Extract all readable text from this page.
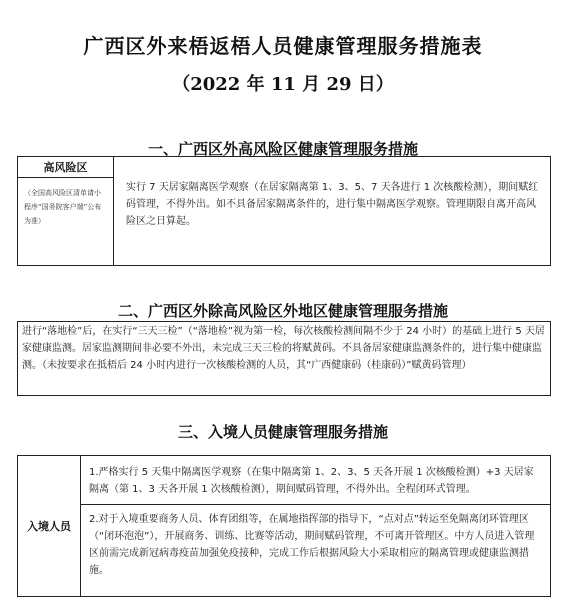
广西区外来梧返梧人员健康管理服务措施表
（2022 年 11 月 29 日）
一、广西区外高风险区健康管理服务措施
高风险区
（全国高风险区清单请小程序“国务院客户端”公布为准）
	实行 7 天居家隔离医学观察（在居家隔离第 1、3、5、7 天各进行 1 次核酸检测），期间赋红码管理，不得外出。如不具备居家隔离条件的，进行集中隔离医学观察。管理期限自离开高风险区之日算起。
二、广西区外除高风险区外地区健康管理服务措施
进行“落地检”后，在实行“三天三检”（“落地检”视为第一检，每次核酸检测间隔不少于 24 小时）的基础上进行 5 天居家健康监测。居家监测期间非必要不外出，未完成三天三检的将赋黄码。不具备居家健康监测条件的，进行集中健康监测。（未按要求在抵梧后 24 小时内进行一次核酸检测的人员，其“广西健康码（桂康码）”赋黄码管理）
三、入境人员健康管理服务措施
入境人员	
1.严格实行 5 天集中隔离医学观察（在集中隔离第 1、2、3、5 天各开展 1 次核酸检测）+3 天居家隔离（第 1、3 天各开展 1 次核酸检测），期间赋码管理，不得外出。全程闭环式管理。
2.对于入境重要商务人员、体育团组等，在属地指挥部的指导下，“点对点”转运至免隔离闭环管理区（“闭环泡泡”），开展商务、训练、比赛等活动，期间赋码管理，不可离开管理区。中方人员进入管理区前需完成新冠病毒疫苗加强免疫接种，完成工作后根据风险大小采取相应的隔离管理或健康监测措施。
